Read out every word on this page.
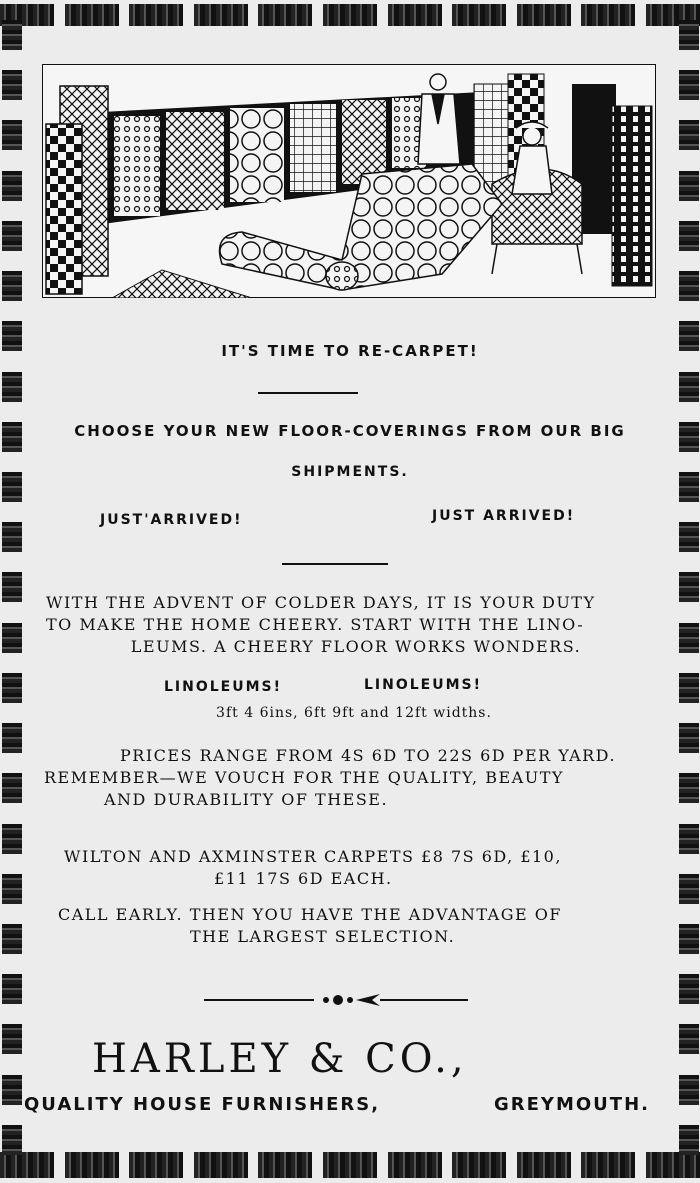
IT'S TIME TO RE-CARPET!
CHOOSE YOUR NEW FLOOR-COVERINGS FROM OUR BIG
SHIPMENTS.
JUST'ARRIVED!	JUST ARRIVED!
WITH THE ADVENT OF COLDER DAYS, IT IS YOUR DUTY
TO MAKE THE HOME CHEERY. START WITH THE LINO-
LEUMS. A CHEERY FLOOR WORKS WONDERS.
LINOLEUMS!	LINOLEUMS!
3ft 4 6ins, 6ft 9ft and 12ft widths.
PRICES RANGE FROM 4S 6D TO 22S 6D PER YARD.
REMEMBER—WE VOUCH FOR THE QUALITY, BEAUTY
AND DURABILITY OF THESE.
WILTON AND AXMINSTER CARPETS £8 7S 6D, £10,
£11 17S 6D EACH.
CALL EARLY. THEN YOU HAVE THE ADVANTAGE OF
THE LARGEST SELECTION.
HARLEY & CO.,
QUALITY HOUSE FURNISHERS,	GREYMOUTH.
